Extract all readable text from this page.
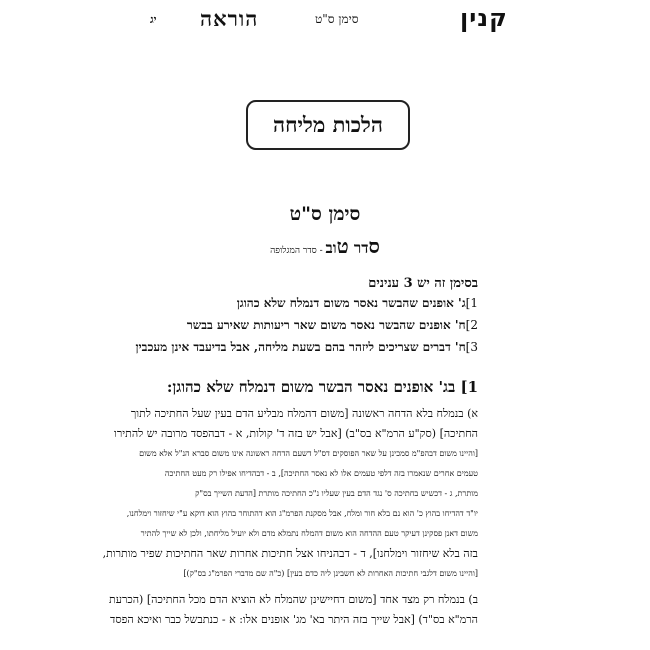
יג הוראה	סימן ס"ט	קנין
הלכות מליחה
סימן ס"ט
סדר טוב - סדר המגלופה
בסימן זה יש 3 ענינים
1]ג' אופנים שהבשר נאסר משום דנמלח שלא כהוגן
2]ח' אופנים שהבשר נאסר משום שאר ריעותות שאירע בבשר
3]ח' דברים שצריכים ליזהר בהם בשעת מליחה, אבל בדיעבד אינן מעכבין
1] בג' אופנים נאסר הבשר משום דנמלח שלא כהוגן:
א) בנמלח בלא הדחה ראשונה [משום דהמלח מבליע הדם בעין שעל החתיכה לתוך
החתיכה] (סק"ע הרמ"א בס"ב) [אבל יש בזה ד' קולות, א - דבהפסד מרובה יש להתירו
[והיינו משום דבהפ"מ סמכינן על שאר הפוסקים דס"ל דשעם הדחה ראשונה אינו משום סברא הנ"ל אלא משום
טעמים אחרים שנאמרו בזה דלפי טעמים אלו לא נאסר החתיכה], ב - דבהדיחו אפילו רק מעט החתיכה
מותרת, ג - דכשיש בחתיכה ס' נגד הדם בעין שעליו נ"כ החתיכה מותרת [הדעת השייך בס"ק
יו"ד דהדיחו בהוץ כ' הוא נם בלא חור ומלח, אבל מסקנת הפרמ"ג הוא דהתוחר בהוץ הוא דוקא ע"י שיחזור וימלחנו,
משום דאנן פסקינן דעיקר טעם ההדחה הוא משום דהמלח נתמלא מדם ולא יועיל מליחתו, ולכן לא שייך להתיר
בזה בלא שיחזור וימלחנו], ד - דבהניחו אצל חתיכות אחרות שאר החתיכות שפיר מותרות,
[והיינו משום דלגבי חתיכות האחרות לא חשבינן ליה כדם בעין] (כ"ה שם מדברי הפרמ"ג בס"ק)]
ב) בנמלח רק מצד אחד [משום דחיישינן שהמלח לא הוציא הדם מכל החתיכה] (הכרעת
הרמ"א בס"ד) [אבל שייך בזה היתר בא' מג' אופנים אלו: א - כנתבשל כבר ואיכא הפסד
